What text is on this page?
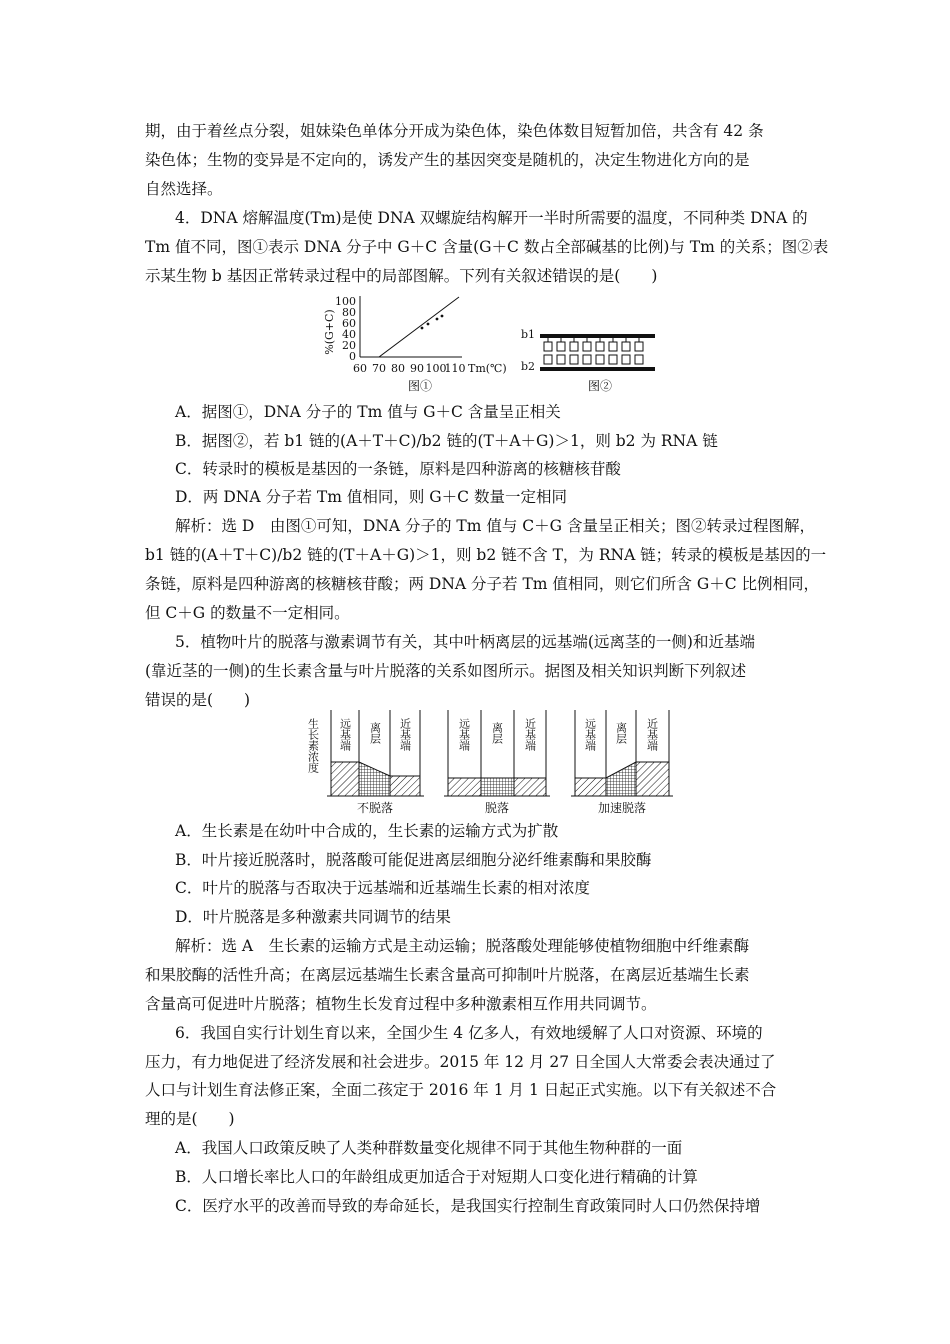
期，由于着丝点分裂，姐妹染色单体分开成为染色体，染色体数目短暂加倍，共含有 42 条
染色体；生物的变异是不定向的，诱发产生的基因突变是随机的，决定生物进化方向的是
自然选择。
4．DNA 熔解温度(Tm)是使 DNA 双螺旋结构解开一半时所需要的温度，不同种类 DNA 的
Tm 值不同，图①表示 DNA 分子中 G＋C 含量(G＋C 数占全部碱基的比例)与 Tm 的关系；图②表
示某生物 b 基因正常转录过程中的局部图解。下列有关叙述错误的是(　　)
%(G+C)
100
80
60
40
20
0
60 70 80 90 100
110 Tm(℃)
图①
b1
b2
图②
A．据图①，DNA 分子的 Tm 值与 G＋C 含量呈正相关
B．据图②，若 b1 链的(A＋T＋C)/b2 链的(T＋A＋G)＞1，则 b2 为 RNA 链
C．转录时的模板是基因的一条链，原料是四种游离的核糖核苷酸
D．两 DNA 分子若 Tm 值相同，则 G＋C 数量一定相同
解析：选 D　由图①可知，DNA 分子的 Tm 值与 C＋G 含量呈正相关；图②转录过程图解，
b1 链的(A＋T＋C)/b2 链的(T＋A＋G)＞1，则 b2 链不含 T，为 RNA 链；转录的模板是基因的一
条链，原料是四种游离的核糖核苷酸；两 DNA 分子若 Tm 值相同，则它们所含 G＋C 比例相同，
但 C＋G 的数量不一定相同。
5．植物叶片的脱落与激素调节有关，其中叶柄离层的远基端(远离茎的一侧)和近基端
(靠近茎的一侧)的生长素含量与叶片脱落的关系如图所示。据图及相关知识判断下列叙述
错误的是(　　)
生长素浓度 远基端 离层 近基端
不脱落
远基端 离层 近基端
脱落
远基端 离层 近基端
加速脱落
A．生长素是在幼叶中合成的，生长素的运输方式为扩散
B．叶片接近脱落时，脱落酸可能促进离层细胞分泌纤维素酶和果胶酶
C．叶片的脱落与否取决于远基端和近基端生长素的相对浓度
D．叶片脱落是多种激素共同调节的结果
解析：选 A　生长素的运输方式是主动运输；脱落酸处理能够使植物细胞中纤维素酶
和果胶酶的活性升高；在离层远基端生长素含量高可抑制叶片脱落，在离层近基端生长素
含量高可促进叶片脱落；植物生长发育过程中多种激素相互作用共同调节。
6．我国自实行计划生育以来，全国少生 4 亿多人，有效地缓解了人口对资源、环境的
压力，有力地促进了经济发展和社会进步。2015 年 12 月 27 日全国人大常委会表决通过了
人口与计划生育法修正案，全面二孩定于 2016 年 1 月 1 日起正式实施。以下有关叙述不合
理的是(　　)
A．我国人口政策反映了人类种群数量变化规律不同于其他生物种群的一面
B．人口增长率比人口的年龄组成更加适合于对短期人口变化进行精确的计算
C．医疗水平的改善而导致的寿命延长，是我国实行控制生育政策同时人口仍然保持增
